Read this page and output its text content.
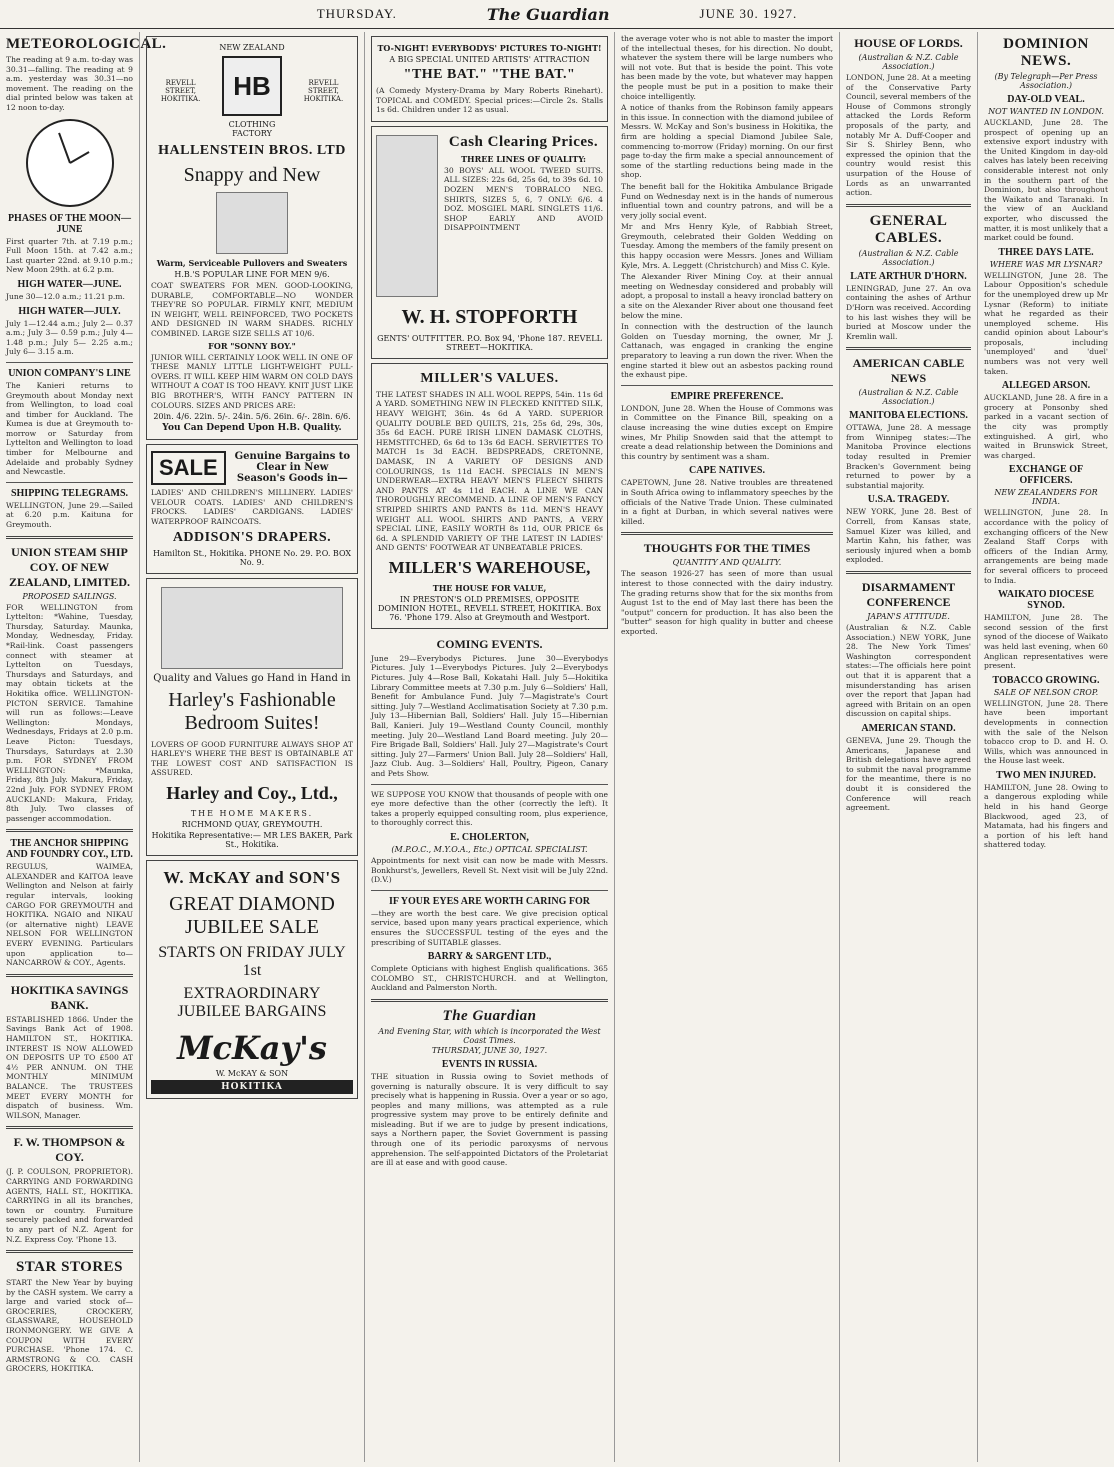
THURSDAY.	The Guardian	JUNE 30. 1927.
METEOROLOGICAL.
The reading at 9 a.m. to-day was 30.31—falling. The reading at 9 a.m. yesterday was 30.31—no movement. The reading on the dial printed below was taken at 12 noon to-day.
PHASES OF THE MOON—JUNE
First quarter 7th. at 7.19 p.m.; Full Moon 15th. at 7.42 a.m.; Last quarter 22nd. at 9.10 p.m.; New Moon 29th. at 6.2 p.m.
HIGH WATER—JUNE.
June 30—12.0 a.m.; 11.21 p.m.
HIGH WATER—JULY.
July 1—12.44 a.m.; July 2— 0.37 a.m.; July 3— 0.59 p.m.; July 4— 1.48 p.m.; July 5— 2.25 a.m.; July 6— 3.15 a.m.
UNION COMPANY'S LINE
The Kanieri returns to Greymouth about Monday next from Wellington, to load coal and timber for Auckland. The Kumea is due at Greymouth to-morrow or Saturday from Lyttelton and Wellington to load timber for Melbourne and Adelaide and probably Sydney and Newcastle.
SHIPPING TELEGRAMS.
WELLINGTON, June 29.—Sailed at 6.20 p.m. Kaituna for Greymouth.
UNION STEAM SHIP COY. OF NEW ZEALAND, LIMITED.
PROPOSED SAILINGS.
FOR WELLINGTON from Lyttelton: *Wahine, Tuesday, Thursday, Saturday. Maunka, Monday, Wednesday, Friday. *Rail-link. Coast passengers connect with steamer at Lyttelton on Tuesdays, Thursdays and Saturdays, and may obtain tickets at the Hokitika office. WELLINGTON-PICTON SERVICE. Tamahine will run as follows:—Leave Wellington: Mondays, Wednesdays, Fridays at 2.0 p.m. Leave Picton: Tuesdays, Thursdays, Saturdays at 2.30 p.m. FOR SYDNEY FROM WELLINGTON: *Maunka, Friday, 8th July. Makura, Friday, 22nd July. FOR SYDNEY FROM AUCKLAND: Makura, Friday, 8th July. Two classes of passenger accommodation.
THE ANCHOR SHIPPING AND FOUNDRY COY., LTD.
REGULUS, WAIMEA, ALEXANDER and KAITOA leave Wellington and Nelson at fairly regular intervals, looking CARGO FOR GREYMOUTH and HOKITIKA. NGAIO and NIKAU (or alternative night) LEAVE NELSON FOR WELLINGTON EVERY EVENING. Particulars upon application to— NANCARROW & COY., Agents.
HOKITIKA SAVINGS BANK.
ESTABLISHED 1866. Under the Savings Bank Act of 1908. HAMILTON ST., HOKITIKA. INTEREST IS NOW ALLOWED ON DEPOSITS UP TO £500 AT 4½ PER ANNUM. ON THE MONTHLY MINIMUM BALANCE. The TRUSTEES MEET EVERY MONTH for dispatch of business. Wm. WILSON, Manager.
F. W. THOMPSON & COY.
(J. P. COULSON, PROPRIETOR). CARRYING AND FORWARDING AGENTS, HALL ST., HOKITIKA. CARRYING in all its branches, town or country. Furniture securely packed and forwarded to any part of N.Z. Agent for N.Z. Express Coy. 'Phone 13.
STAR STORES
START the New Year by buying by the CASH system. We carry a large and varied stock of— GROCERIES, CROCKERY, GLASSWARE, HOUSEHOLD IRONMONGERY. WE GIVE A COUPON WITH EVERY PURCHASE. 'Phone 174. C. ARMSTRONG & CO. CASH GROCERS, HOKITIKA.
REVELL STREET,
HOKITIKA.
NEW ZEALAND
HB
CLOTHING FACTORY
REVELL STREET,
HOKITIKA.
HALLENSTEIN BROS. LTD
Snappy and New
Warm, Serviceable Pullovers and Sweaters
H.B.'S POPULAR LINE FOR MEN 9/6.
COAT SWEATERS FOR MEN. GOOD-LOOKING, DURABLE, COMFORTABLE—NO WONDER THEY'RE SO POPULAR. FIRMLY KNIT, MEDIUM IN WEIGHT, WELL REINFORCED, TWO POCKETS AND DESIGNED IN WARM SHADES. RICHLY COMBINED. LARGE SIZE SELLS AT 10/6.
FOR "SONNY BOY."
JUNIOR WILL CERTAINLY LOOK WELL IN ONE OF THESE MANLY LITTLE LIGHT-WEIGHT PULL-OVERS. IT WILL KEEP HIM WARM ON COLD DAYS WITHOUT A COAT IS TOO HEAVY. KNIT JUST LIKE BIG BROTHER'S, WITH FANCY PATTERN IN COLOURS. SIZES AND PRICES ARE:
20in. 4/6. 22in. 5/-. 24in. 5/6. 26in. 6/-. 28in. 6/6.
You Can Depend Upon H.B. Quality.
SALE	Genuine Bargains to Clear in New Season's Goods in—
LADIES' AND CHILDREN'S MILLINERY. LADIES' VELOUR COATS. LADIES' AND CHILDREN'S FROCKS. LADIES' CARDIGANS. LADIES' WATERPROOF RAINCOATS.
ADDISON'S DRAPERS.
Hamilton St., Hokitika. PHONE No. 29. P.O. BOX No. 9.
Quality and Values go Hand in Hand in
Harley's Fashionable Bedroom Suites!
LOVERS OF GOOD FURNITURE ALWAYS SHOP AT HARLEY'S WHERE THE BEST IS OBTAINABLE AT THE LOWEST COST AND SATISFACTION IS ASSURED.
Harley and Coy., Ltd.,
THE HOME MAKERS.
RICHMOND QUAY, GREYMOUTH.
Hokitika Representative:— MR LES BAKER, Park St., Hokitika.
W. McKAY and SON'S
GREAT DIAMOND JUBILEE SALE
STARTS ON FRIDAY JULY 1st
EXTRAORDINARY JUBILEE BARGAINS
McKay's
W. McKAY & SON
HOKITIKA
TO-NIGHT! EVERYBODYS' PICTURES TO-NIGHT!
A BIG SPECIAL UNITED ARTISTS' ATTRACTION
"THE BAT." "THE BAT."
(A Comedy Mystery-Drama by Mary Roberts Rinehart). TOPICAL and COMEDY. Special prices:—Circle 2s. Stalls 1s 6d. Children under 12 as usual.
Cash Clearing Prices.
THREE LINES OF QUALITY:
30 BOYS' ALL WOOL TWEED SUITS. ALL SIZES: 22s 6d, 25s 6d, to 39s 6d. 10 DOZEN MEN'S TOBRALCO NEG. SHIRTS, SIZES 5, 6, 7 ONLY: 6/6. 4 DOZ. MOSGIEL MARL SINGLETS 11/6. SHOP EARLY AND AVOID DISAPPOINTMENT
W. H. STOPFORTH
GENTS' OUTFITTER. P.O. Box 94, 'Phone 187. REVELL STREET—HOKITIKA.
MILLER'S VALUES.
THE LATEST SHADES IN ALL WOOL REPPS, 54in. 11s 6d A YARD. SOMETHING NEW IN FLECKED KNITTED SILK, HEAVY WEIGHT, 36in. 4s 6d A YARD. SUPERIOR QUALITY DOUBLE BED QUILTS, 21s, 25s 6d, 29s, 30s, 35s 6d EACH. PURE IRISH LINEN DAMASK CLOTHS, HEMSTITCHED, 6s 6d to 13s 6d EACH. SERVIETTES TO MATCH 1s 3d EACH. BEDSPREADS, CRETONNE, DAMASK, IN A VARIETY OF DESIGNS AND COLOURINGS, 1s 11d EACH. SPECIALS IN MEN'S UNDERWEAR—EXTRA HEAVY MEN'S FLEECY SHIRTS AND PANTS AT 4s 11d EACH. A LINE WE CAN THOROUGHLY RECOMMEND. A LINE OF MEN'S FANCY STRIPED SHIRTS AND PANTS 8s 11d. MEN'S HEAVY WEIGHT ALL WOOL SHIRTS AND PANTS, A VERY SPECIAL LINE, EASILY WORTH 8s 11d, OUR PRICE 6s 6d. A SPLENDID VARIETY OF THE LATEST IN LADIES' AND GENTS' FOOTWEAR AT UNBEATABLE PRICES.
MILLER'S WAREHOUSE,
THE HOUSE FOR VALUE,
IN PRESTON'S OLD PREMISES, OPPOSITE DOMINION HOTEL, REVELL STREET, HOKITIKA. Box 76. 'Phone 179. Also at Greymouth and Westport.
COMING EVENTS.
June 29—Everybodys Pictures. June 30—Everybodys Pictures. July 1—Everybodys Pictures. July 2—Everybodys Pictures. July 4—Rose Ball, Kokatahi Hall. July 5—Hokitika Library Committee meets at 7.30 p.m. July 6—Soldiers' Hall, Benefit for Ambulance Fund. July 7—Magistrate's Court sitting. July 7—Westland Acclimatisation Society at 7.30 p.m. July 13—Hibernian Ball, Soldiers' Hall. July 15—Hibernian Ball, Kanieri. July 19—Westland County Council, monthly meeting. July 20—Westland Land Board meeting. July 20—Fire Brigade Ball, Soldiers' Hall. July 27—Magistrate's Court sitting. July 27—Farmers' Union Ball. July 28—Soldiers' Hall, Jazz Club. Aug. 3—Soldiers' Hall, Poultry, Pigeon, Canary and Pets Show.
WE SUPPOSE YOU KNOW that thousands of people with one eye more defective than the other (correctly the left). It takes a properly equipped consulting room, plus experience, to thoroughly correct this.
E. CHOLERTON,
(M.P.O.C., M.Y.O.A., Etc.) OPTICAL SPECIALIST.
Appointments for next visit can now be made with Messrs. Bonkhurst's, Jewellers, Revell St. Next visit will be July 22nd. (D.V.)
IF YOUR EYES ARE WORTH CARING FOR
—they are worth the best care. We give precision optical service, based upon many years practical experience, which ensures the SUCCESSFUL testing of the eyes and the prescribing of SUITABLE glasses.
BARRY & SARGENT LTD.,
Complete Opticians with highest English qualifications. 365 COLOMBO ST., CHRISTCHURCH. and at Wellington, Auckland and Palmerston North.
The Guardian
And Evening Star, with which is incorporated the West Coast Times.
THURSDAY, JUNE 30, 1927.
EVENTS IN RUSSIA.
THE situation in Russia owing to Soviet methods of governing is naturally obscure. It is very difficult to say precisely what is happening in Russia. Over a year or so ago, peoples and many millions, was attempted as a rule progressive system may prove to be entirely definite and misleading. But if we are to judge by present indications, says a Northern paper, the Soviet Government is passing through one of its periodic paroxysms of nervous apprehension. The self-appointed Dictators of the Proletariat are ill at ease and with good cause.
the average voter who is not able to master the import of the intellectual theses, for his direction. No doubt, whatever the system there will be large numbers who will not vote. But that is beside the point. This vote has been made by the vote, but whatever may happen the people must be put in a position to make their choice intelligently.
A notice of thanks from the Robinson family appears in this issue. In connection with the diamond jubilee of Messrs. W. McKay and Son's business in Hokitika, the firm are holding a special Diamond Jubilee Sale, commencing to-morrow (Friday) morning. On our first page to-day the firm make a special announcement of some of the startling reductions being made in the shop.
The benefit ball for the Hokitika Ambulance Brigade Fund on Wednesday next is in the hands of numerous influential town and country patrons, and will be a very jolly social event.
Mr and Mrs Henry Kyle, of Rabbiah Street, Greymouth, celebrated their Golden Wedding on Tuesday. Among the members of the family present on this happy occasion were Messrs. Jones and William Kyle, Mrs. A. Leggett (Christchurch) and Miss C. Kyle.
The Alexander River Mining Coy. at their annual meeting on Wednesday considered and probably will adopt, a proposal to install a heavy ironclad battery on a site on the Alexander River about one thousand feet below the mine.
In connection with the destruction of the launch Golden on Tuesday morning, the owner, Mr J. Cattanach, was engaged in cranking the engine preparatory to leaving a run down the river. When the engine started it blew out an asbestos packing round the exhaust pipe.
EMPIRE PREFERENCE.
LONDON, June 28. When the House of Commons was in Committee on the Finance Bill, speaking on a clause increasing the wine duties except on Empire wines, Mr Philip Snowden said that the attempt to create a dead relationship between the Dominions and this country by sentiment was a sham.
CAPE NATIVES.
CAPETOWN, June 28. Native troubles are threatened in South Africa owing to inflammatory speeches by the officials of the Native Trade Union. These culminated in a fight at Durban, in which several natives were killed.
THOUGHTS FOR THE TIMES
QUANTITY AND QUALITY.
The season 1926-27 has seen of more than usual interest to those connected with the dairy industry. The grading returns show that for the six months from August 1st to the end of May last there has been the "output" concern for production. It has also been the "butter" season for high quality in butter and cheese exported.
HOUSE OF LORDS.
(Australian & N.Z. Cable Association.)
LONDON, June 28. At a meeting of the Conservative Party Council, several members of the House of Commons strongly attacked the Lords Reform proposals of the party, and notably Mr A. Duff-Cooper and Sir S. Shirley Benn, who expressed the opinion that the country would resist this usurpation of the House of Lords as an unwarranted action.
GENERAL CABLES.
(Australian & N.Z. Cable Association.)
LATE ARTHUR D'HORN.
LENINGRAD, June 27. An ova containing the ashes of Arthur D'Horn was received. According to his last wishes they will be buried at Moscow under the Kremlin wall.
AMERICAN CABLE NEWS
(Australian & N.Z. Cable Association.)
MANITOBA ELECTIONS.
OTTAWA, June 28. A message from Winnipeg states:—The Manitoba Province elections today resulted in Premier Bracken's Government being returned to power by a substantial majority.
U.S.A. TRAGEDY.
NEW YORK, June 28. Best of Correll, from Kansas state, Samuel Kizer was killed, and Martin Kahn, his father, was seriously injured when a bomb exploded.
DISARMAMENT CONFERENCE
JAPAN'S ATTITUDE.
(Australian & N.Z. Cable Association.) NEW YORK, June 28. The New York Times' Washington correspondent states:—The officials here point out that it is apparent that a misunderstanding has arisen over the report that Japan had agreed with Britain on an open discussion on capital ships.
AMERICAN STAND.
GENEVA, June 29. Though the Americans, Japanese and British delegations have agreed to submit the naval programme for the meantime, there is no doubt it is considered the Conference will reach agreement.
DOMINION NEWS.
(By Telegraph—Per Press Association.)
DAY-OLD VEAL.
NOT WANTED IN LONDON.
AUCKLAND, June 28. The prospect of opening up an extensive export industry with the United Kingdom in day-old calves has lately been receiving considerable interest not only in the southern part of the Dominion, but also throughout the Waikato and Taranaki. In the view of an Auckland exporter, who discussed the matter, it is most unlikely that a market could be found.
THREE DAYS LATE.
WHERE WAS MR LYSNAR?
WELLINGTON, June 28. The Labour Opposition's schedule for the unemployed drew up Mr Lysnar (Reform) to initiate what he regarded as their unemployed scheme. His candid opinion about Labour's proposals, including 'unemployed' and 'duel' numbers was not very well taken.
ALLEGED ARSON.
AUCKLAND, June 28. A fire in a grocery at Ponsonby shed parked in a vacant section of the city was promptly extinguished. A girl, who waited in Brunswick Street, was charged.
EXCHANGE OF OFFICERS.
NEW ZEALANDERS FOR INDIA.
WELLINGTON, June 28. In accordance with the policy of exchanging officers of the New Zealand Staff Corps with officers of the Indian Army, arrangements are being made for several officers to proceed to India.
WAIKATO DIOCESE SYNOD.
HAMILTON, June 28. The second session of the first synod of the diocese of Waikato was held last evening, when 60 Anglican representatives were present.
TOBACCO GROWING.
SALE OF NELSON CROP.
WELLINGTON, June 28. There have been important developments in connection with the sale of the Nelson tobacco crop to D. and H. O. Wills, which was announced in the House last week.
TWO MEN INJURED.
HAMILTON, June 28. Owing to a dangerous exploding while held in his hand George Blackwood, aged 23, of Matamata, had his fingers and a portion of his left hand shattered today.
